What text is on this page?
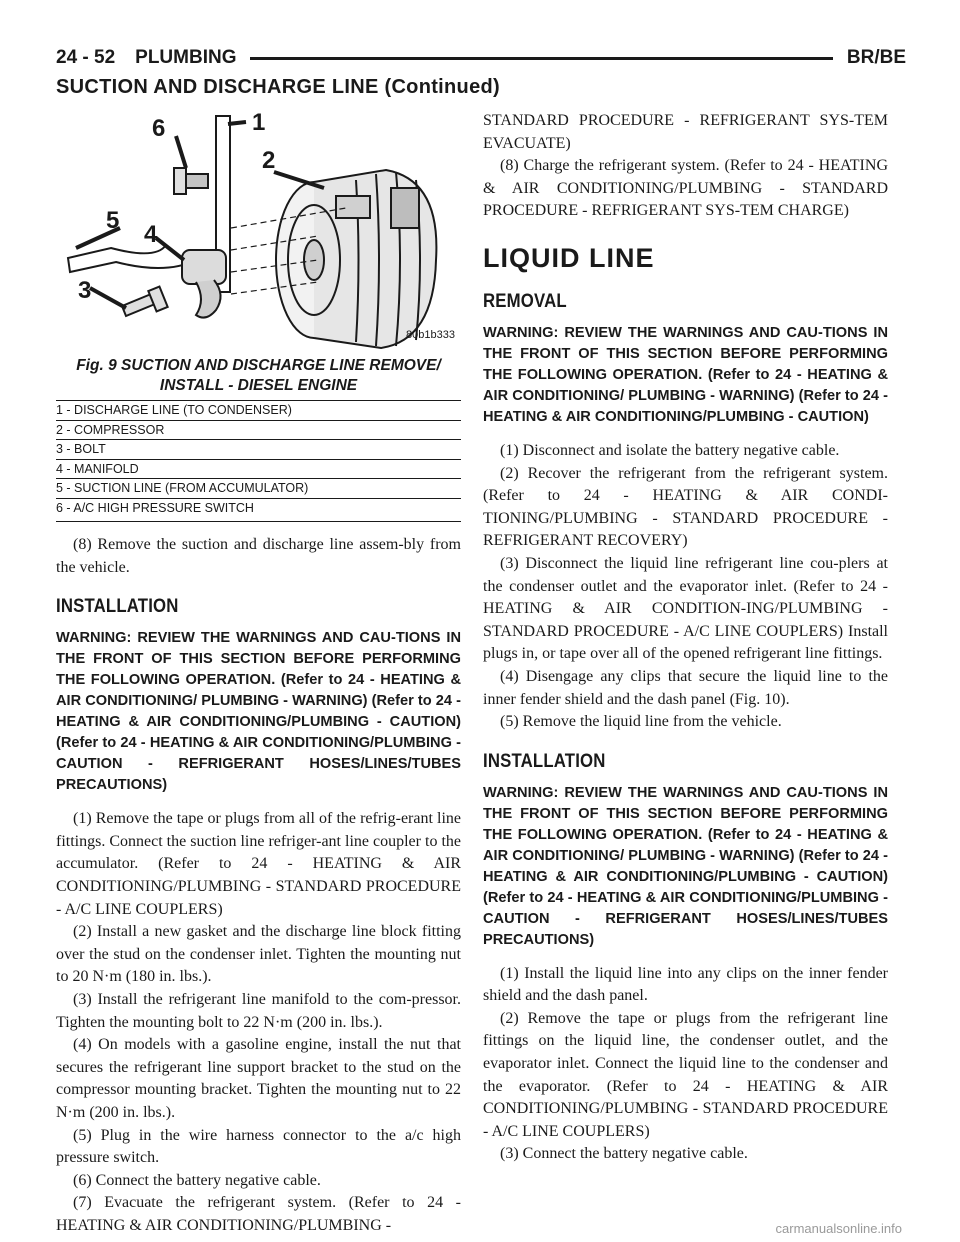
24 - 52 PLUMBING	BR/BE
SUCTION AND DISCHARGE LINE (Continued)
6	1
2
5
4
3
80b1b333
Fig. 9 SUCTION AND DISCHARGE LINE REMOVE/
INSTALL - DIESEL ENGINE
1 - DISCHARGE LINE (TO CONDENSER)
2 - COMPRESSOR
3 - BOLT
4 - MANIFOLD
5 - SUCTION LINE (FROM ACCUMULATOR)
6 - A/C HIGH PRESSURE SWITCH

(8) Remove the suction and discharge line assem-bly from the vehicle.

INSTALLATION

WARNING: REVIEW THE WARNINGS AND CAU-TIONS IN THE FRONT OF THIS SECTION BEFORE PERFORMING THE FOLLOWING OPERATION. (Refer to 24 - HEATING & AIR CONDITIONING/ PLUMBING - WARNING) (Refer to 24 - HEATING & AIR CONDITIONING/PLUMBING - CAUTION)(Refer to 24 - HEATING & AIR CONDITIONING/PLUMBING - CAUTION - REFRIGERANT HOSES/LINES/TUBES PRECAUTIONS)

(1) Remove the tape or plugs from all of the refrig-erant line fittings. Connect the suction line refriger-ant line coupler to the accumulator. (Refer to 24 - HEATING & AIR CONDITIONING/PLUMBING - STANDARD PROCEDURE - A/C LINE COUPLERS)

(2) Install a new gasket and the discharge line block fitting over the stud on the condenser inlet. Tighten the mounting nut to 20 N·m (180 in. lbs.).

(3) Install the refrigerant line manifold to the com-pressor. Tighten the mounting bolt to 22 N·m (200 in. lbs.).

(4) On models with a gasoline engine, install the nut that secures the refrigerant line support bracket to the stud on the compressor mounting bracket. Tighten the mounting nut to 22 N·m (200 in. lbs.).

(5) Plug in the wire harness connector to the a/c high pressure switch.

(6) Connect the battery negative cable.

(7) Evacuate the refrigerant system. (Refer to 24 - HEATING & AIR CONDITIONING/PLUMBING -

STANDARD PROCEDURE - REFRIGERANT SYS-TEM EVACUATE)

(8) Charge the refrigerant system. (Refer to 24 - HEATING & AIR CONDITIONING/PLUMBING - STANDARD PROCEDURE - REFRIGERANT SYS-TEM CHARGE)

LIQUID LINE
REMOVAL

WARNING: REVIEW THE WARNINGS AND CAU-TIONS IN THE FRONT OF THIS SECTION BEFORE PERFORMING THE FOLLOWING OPERATION. (Refer to 24 - HEATING & AIR CONDITIONING/ PLUMBING - WARNING) (Refer to 24 - HEATING & AIR CONDITIONING/PLUMBING - CAUTION)

(1) Disconnect and isolate the battery negative cable.

(2) Recover the refrigerant from the refrigerant system. (Refer to 24 - HEATING & AIR CONDI-TIONING/PLUMBING - STANDARD PROCEDURE - REFRIGERANT RECOVERY)

(3) Disconnect the liquid line refrigerant line cou-plers at the condenser outlet and the evaporator inlet. (Refer to 24 - HEATING & AIR CONDITION-ING/PLUMBING - STANDARD PROCEDURE - A/C LINE COUPLERS) Install plugs in, or tape over all of the opened refrigerant line fittings.

(4) Disengage any clips that secure the liquid line to the inner fender shield and the dash panel (Fig. 10).

(5) Remove the liquid line from the vehicle.

INSTALLATION

WARNING: REVIEW THE WARNINGS AND CAU-TIONS IN THE FRONT OF THIS SECTION BEFORE PERFORMING THE FOLLOWING OPERATION. (Refer to 24 - HEATING & AIR CONDITIONING/ PLUMBING - WARNING) (Refer to 24 - HEATING & AIR CONDITIONING/PLUMBING - CAUTION)(Refer to 24 - HEATING & AIR CONDITIONING/PLUMBING - CAUTION - REFRIGERANT HOSES/LINES/TUBES PRECAUTIONS)

(1) Install the liquid line into any clips on the inner fender shield and the dash panel.

(2) Remove the tape or plugs from the refrigerant line fittings on the liquid line, the condenser outlet, and the evaporator inlet. Connect the liquid line to the condenser and the evaporator. (Refer to 24 - HEATING & AIR CONDITIONING/PLUMBING - STANDARD PROCEDURE - A/C LINE COUPLERS)

(3) Connect the battery negative cable.

carmanualsonline.info
